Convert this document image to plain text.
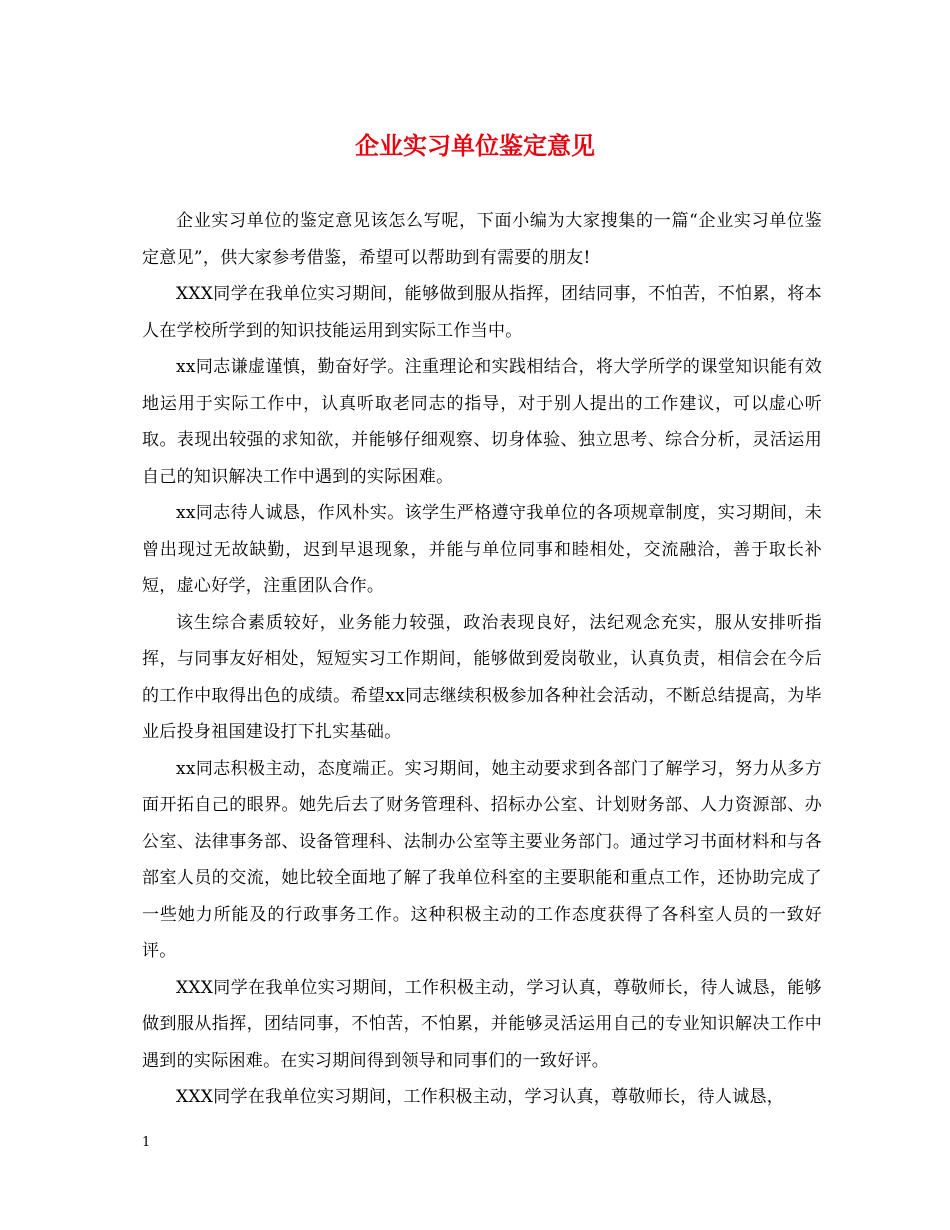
企业实习单位鉴定意见

企业实习单位的鉴定意见该怎么写呢，下面小编为大家搜集的一篇“企业实习单位鉴定意见”，供大家参考借鉴，希望可以帮助到有需要的朋友!

XXX同学在我单位实习期间，能够做到服从指挥，团结同事，不怕苦，不怕累，将本人在学校所学到的知识技能运用到实际工作当中。

xx同志谦虚谨慎，勤奋好学。注重理论和实践相结合，将大学所学的课堂知识能有效地运用于实际工作中，认真听取老同志的指导，对于别人提出的工作建议，可以虚心听取。表现出较强的求知欲，并能够仔细观察、切身体验、独立思考、综合分析，灵活运用自己的知识解决工作中遇到的实际困难。

xx同志待人诚恳，作风朴实。该学生严格遵守我单位的各项规章制度，实习期间，未曾出现过无故缺勤，迟到早退现象，并能与单位同事和睦相处，交流融洽，善于取长补短，虚心好学，注重团队合作。

该生综合素质较好，业务能力较强，政治表现良好，法纪观念充实，服从安排听指挥，与同事友好相处，短短实习工作期间，能够做到爱岗敬业，认真负责，相信会在今后的工作中取得出色的成绩。希望xx同志继续积极参加各种社会活动，不断总结提高，为毕业后投身祖国建设打下扎实基础。

xx同志积极主动，态度端正。实习期间，她主动要求到各部门了解学习，努力从多方面开拓自己的眼界。她先后去了财务管理科、招标办公室、计划财务部、人力资源部、办公室、法律事务部、设备管理科、法制办公室等主要业务部门。通过学习书面材料和与各部室人员的交流，她比较全面地了解了我单位科室的主要职能和重点工作，还协助完成了一些她力所能及的行政事务工作。这种积极主动的工作态度获得了各科室人员的一致好评。

XXX同学在我单位实习期间，工作积极主动，学习认真，尊敬师长，待人诚恳，能够做到服从指挥，团结同事，不怕苦，不怕累，并能够灵活运用自己的专业知识解决工作中遇到的实际困难。在实习期间得到领导和同事们的一致好评。

XXX同学在我单位实习期间，工作积极主动，学习认真，尊敬师长，待人诚恳，

1
